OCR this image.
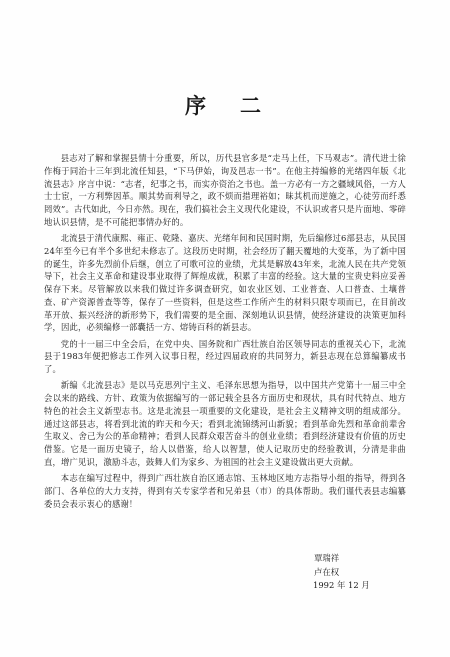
序 二

县志对了解和掌握县情十分重要，所以，历代县官多是“走马上任，下马观志”。清代进士徐作梅于同治十三年到北流任知县，“下马伊始，询及邑志一书”。在他主持编修的光绪四年版《北流县志》序言中说：“志者，纪事之书，而实亦资治之书也。盖一方必有一方之疆域风俗，一方人士士宦，一方利弊因革。顺其势而利导之，政不烦而措理裕如；昧其机而逆施之，心徒劳而纤悉罔效”。古代如此，今日亦然。现在，我们搞社会主义现代化建设，不认识或者只是片面地、零碎地认识县情，是不可能把事情办好的。

北流县于清代康熙、雍正、乾隆、嘉庆、光绪年间和民国时期，先后编修过6部县志，从民国24年至今已有半个多世纪未修志了。这段历史时期，社会经历了翻天覆地的大变革，为了新中国的诞生，许多先烈前仆后继，创立了可歌可泣的业绩，尤其是解放43年来，北流人民在共产党领导下，社会主义革命和建设事业取得了辉煌成就，积累了丰富的经验。这大量的宝贵史料应妥善保存下来。尽管解放以来我们做过许多调查研究，如农业区划、工业普查、人口普查、土壤普查、矿产资源普查等等，保存了一些资料，但是这些工作所产生的材料只限专项而已，在目前改革开放、振兴经济的新形势下，我们需要的是全面、深刻地认识县情，使经济建设的决策更加科学，因此，必须编修一部囊括一方、熔铸百科的新县志。

党的十一届三中全会后，在党中央、国务院和广西壮族自治区领导同志的重视关心下，北流县于1983年便把修志工作列入议事日程，经过四届政府的共同努力，新县志现在总算编纂成书了。

新编《北流县志》是以马克思列宁主义、毛泽东思想为指导，以中国共产党第十一届三中全会以来的路线、方针、政策为依据编写的一部记载全县各方面历史和现状，具有时代特点、地方特色的社会主义新型志书。这是北流县一项重要的文化建设，是社会主义精神文明的组成部分。通过这部县志，将看到北流的昨天和今天；看到北流锦绣河山新貌；看到革命先烈和革命前辈舍生取义、舍己为公的革命精神；看到人民群众艰苦奋斗的创业业绩；看到经济建设有价值的历史借鉴。它是一面历史镜子，给人以借鉴，给人以智慧，使人记取历史的经验教训，分清是非曲直，增广见识，激励斗志，鼓舞人们为家乡、为祖国的社会主义建设做出更大贡献。

本志在编写过程中，得到广西壮族自治区通志馆、玉林地区地方志指导小组的指导，得到各部门、各单位的大力支持，得到有关专家学者和兄弟县（市）的具体帮助。我们谨代表县志编纂委员会表示衷心的感谢！

覃瑞祥
卢在权
1992 年 12 月
